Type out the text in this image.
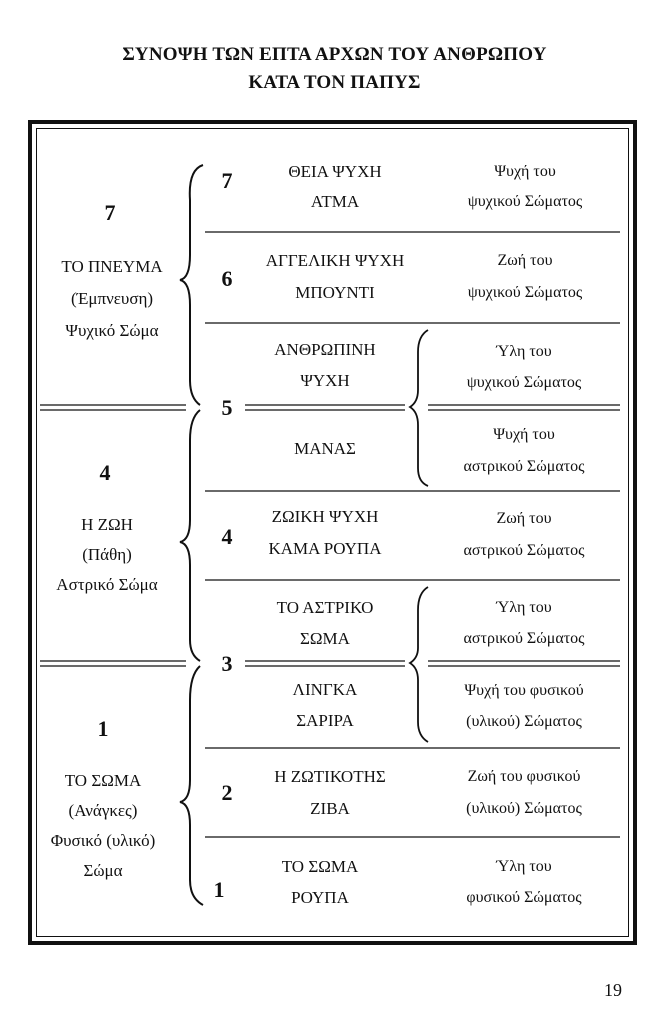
ΣΥΝΟΨΗ ΤΩΝ ΕΠΤΑ ΑΡΧΩΝ ΤΟΥ ΑΝΘΡΩΠΟΥ
ΚΑΤΑ ΤΟΝ ΠΑΠΥΣ
7
ΤΟ ΠΝΕΥΜΑ
(Έμπνευση)
Ψυχικό Σώμα
4
Η ΖΩΗ
(Πάθη)
Αστρικό Σώμα
1
ΤΟ ΣΩΜΑ
(Ανάγκες)
Φυσικό (υλικό)
Σώμα
7
6
5
4
3
2
1
ΘΕΙΑ ΨΥΧΗ
ΑΤΜΑ
Ψυχή του
ψυχικού Σώματος
ΑΓΓΕΛΙΚΗ ΨΥΧΗ
ΜΠΟΥΝΤΙ
Ζωή του
ψυχικού Σώματος
ΑΝΘΡΩΠΙΝΗ
ΨΥΧΗ
Ύλη του
ψυχικού Σώματος
ΜΑΝΑΣ
Ψυχή του
αστρικού Σώματος
ΖΩΙΚΗ ΨΥΧΗ
ΚΑΜΑ ΡΟΥΠΑ
Ζωή του
αστρικού Σώματος
ΤΟ ΑΣΤΡΙΚΟ
ΣΩΜΑ
Ύλη του
αστρικού Σώματος
ΛΙΝΓΚΑ
ΣΑΡΙΡΑ
Ψυχή του φυσικού
(υλικού) Σώματος
Η ΖΩΤΙΚΟΤΗΣ
ΖΙΒΑ
Ζωή του φυσικού
(υλικού) Σώματος
ΤΟ ΣΩΜΑ
ΡΟΥΠΑ
Ύλη του
φυσικού Σώματος
19
